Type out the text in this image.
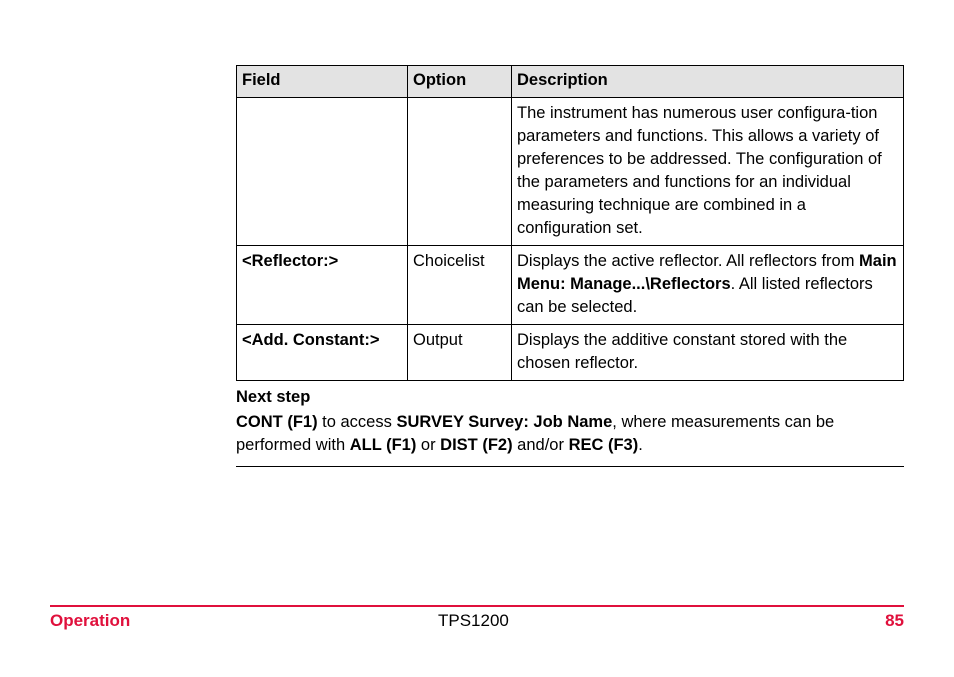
Field	Option	Description
		The instrument has numerous user configura-tion parameters and functions. This allows a variety of preferences to be addressed. The configuration of the parameters and functions for an individual measuring technique are combined in a configuration set.
<Reflector:>	Choicelist	Displays the active reflector. All reflectors from Main Menu: Manage...\Reflectors. All listed reflectors can be selected.
<Add. Constant:>	Output	Displays the additive constant stored with the chosen reflector.
Next step
CONT (F1) to access SURVEY Survey: Job Name, where measurements can be performed with ALL (F1) or DIST (F2) and/or REC (F3).
Operation	TPS1200	85
